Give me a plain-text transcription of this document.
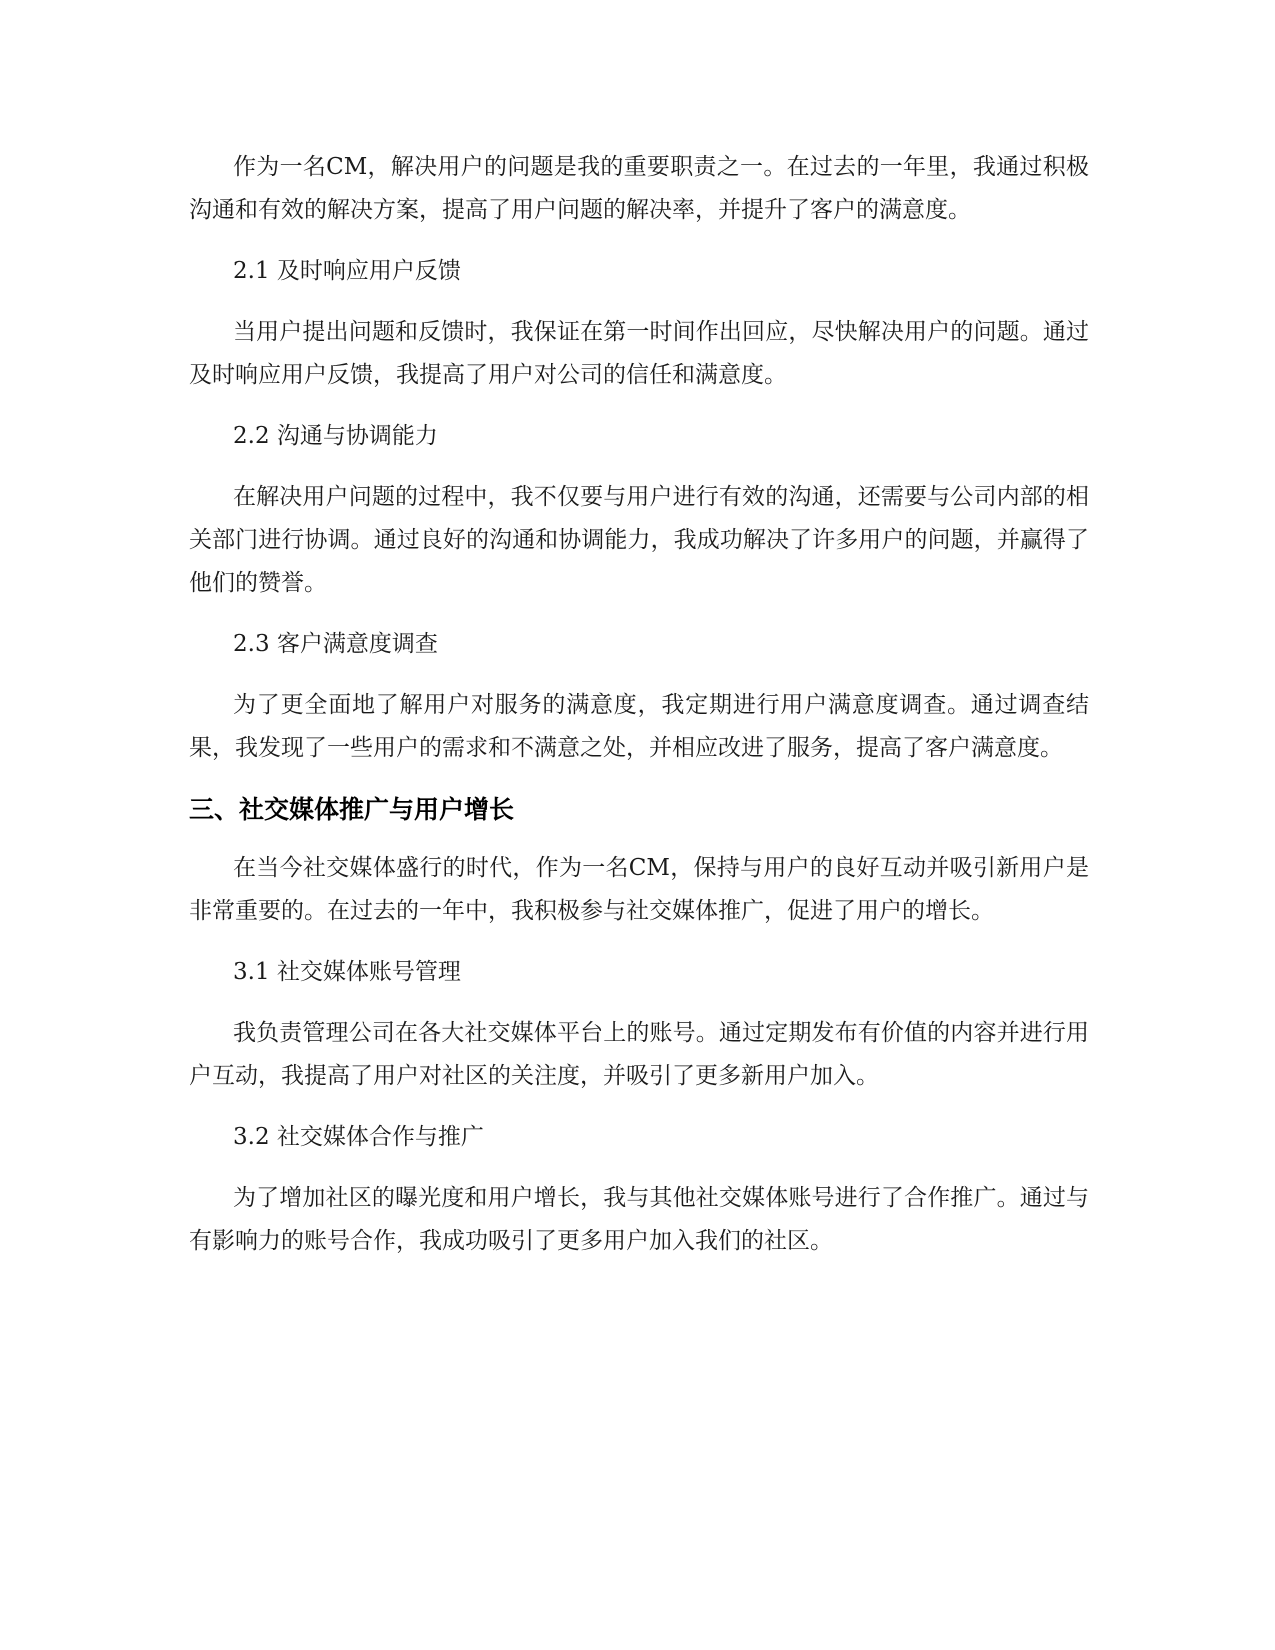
作为一名CM，解决用户的问题是我的重要职责之一。在过去的一年里，我通过积极沟通和有效的解决方案，提高了用户问题的解决率，并提升了客户的满意度。

2.1 及时响应用户反馈

当用户提出问题和反馈时，我保证在第一时间作出回应，尽快解决用户的问题。通过及时响应用户反馈，我提高了用户对公司的信任和满意度。

2.2 沟通与协调能力

在解决用户问题的过程中，我不仅要与用户进行有效的沟通，还需要与公司内部的相关部门进行协调。通过良好的沟通和协调能力，我成功解决了许多用户的问题，并赢得了他们的赞誉。

2.3 客户满意度调查

为了更全面地了解用户对服务的满意度，我定期进行用户满意度调查。通过调查结果，我发现了一些用户的需求和不满意之处，并相应改进了服务，提高了客户满意度。

三、社交媒体推广与用户增长

在当今社交媒体盛行的时代，作为一名CM，保持与用户的良好互动并吸引新用户是非常重要的。在过去的一年中，我积极参与社交媒体推广，促进了用户的增长。

3.1 社交媒体账号管理

我负责管理公司在各大社交媒体平台上的账号。通过定期发布有价值的内容并进行用户互动，我提高了用户对社区的关注度，并吸引了更多新用户加入。

3.2 社交媒体合作与推广

为了增加社区的曝光度和用户增长，我与其他社交媒体账号进行了合作推广。通过与有影响力的账号合作，我成功吸引了更多用户加入我们的社区。
